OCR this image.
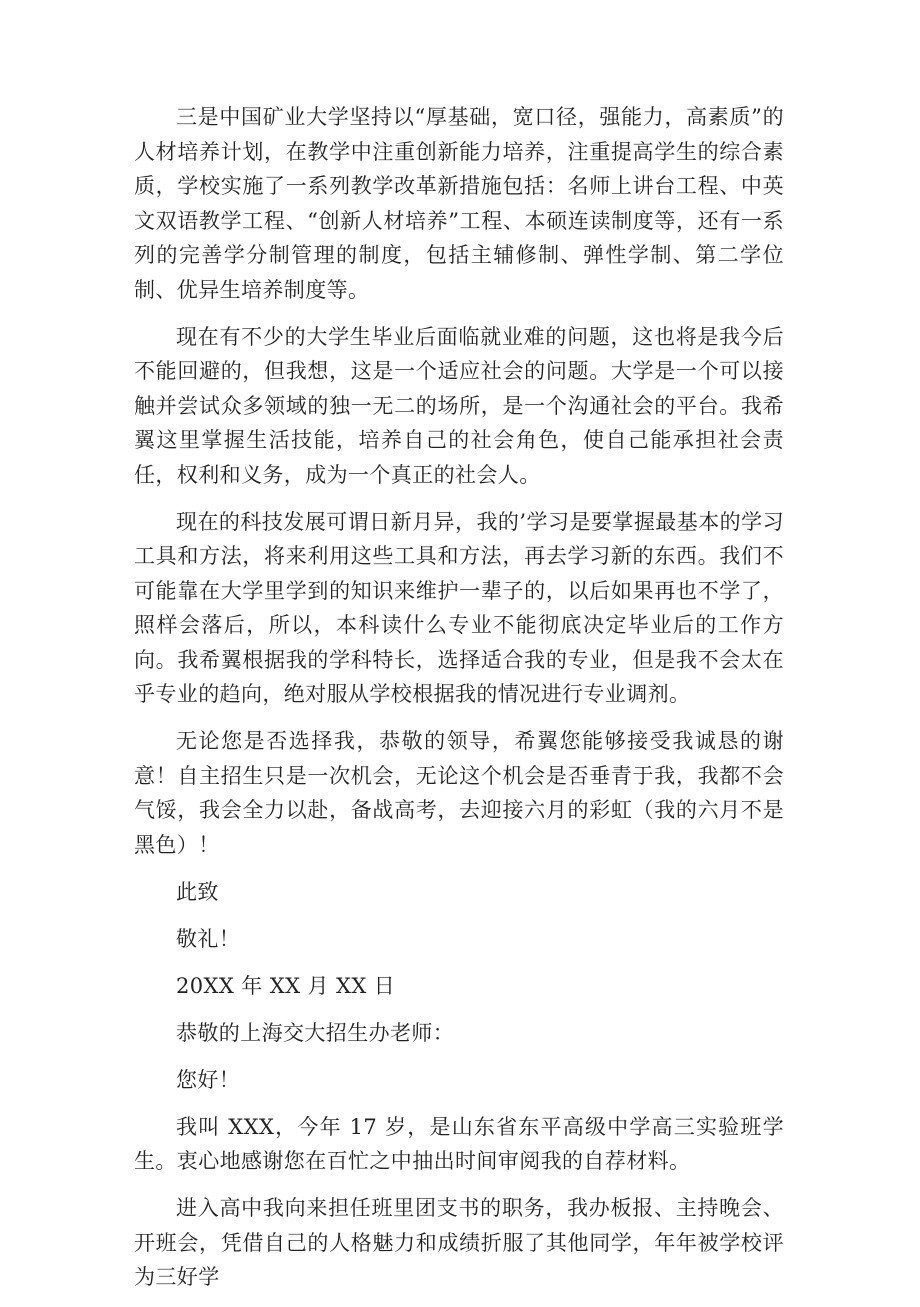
三是中国矿业大学坚持以“厚基础，宽口径，强能力，高素质”的人材培养计划，在教学中注重创新能力培养，注重提高学生的综合素质，学校实施了一系列教学改革新措施包括：名师上讲台工程、中英文双语教学工程、“创新人材培养”工程、本硕连读制度等，还有一系列的完善学分制管理的制度，包括主辅修制、弹性学制、第二学位制、优异生培养制度等。

现在有不少的大学生毕业后面临就业难的问题，这也将是我今后不能回避的，但我想，这是一个适应社会的问题。大学是一个可以接触并尝试众多领域的独一无二的场所，是一个沟通社会的平台。我希翼这里掌握生活技能，培养自己的社会角色，使自己能承担社会责任，权利和义务，成为一个真正的社会人。

现在的科技发展可谓日新月异，我的’学习是要掌握最基本的学习工具和方法，将来利用这些工具和方法，再去学习新的东西。我们不可能靠在大学里学到的知识来维护一辈子的，以后如果再也不学了，照样会落后，所以，本科读什么专业不能彻底决定毕业后的工作方向。我希翼根据我的学科特长，选择适合我的专业，但是我不会太在乎专业的趋向，绝对服从学校根据我的情况进行专业调剂。

无论您是否选择我，恭敬的领导，希翼您能够接受我诚恳的谢意！自主招生只是一次机会，无论这个机会是否垂青于我，我都不会气馁，我会全力以赴，备战高考，去迎接六月的彩虹（我的六月不是黑色）！

此致

敬礼！

20XX 年 XX 月 XX 日

恭敬的上海交大招生办老师：

您好！

我叫 XXX，今年 17 岁，是山东省东平高级中学高三实验班学生。衷心地感谢您在百忙之中抽出时间审阅我的自荐材料。

进入高中我向来担任班里团支书的职务，我办板报、主持晚会、开班会，凭借自己的人格魅力和成绩折服了其他同学，年年被学校评为三好学
